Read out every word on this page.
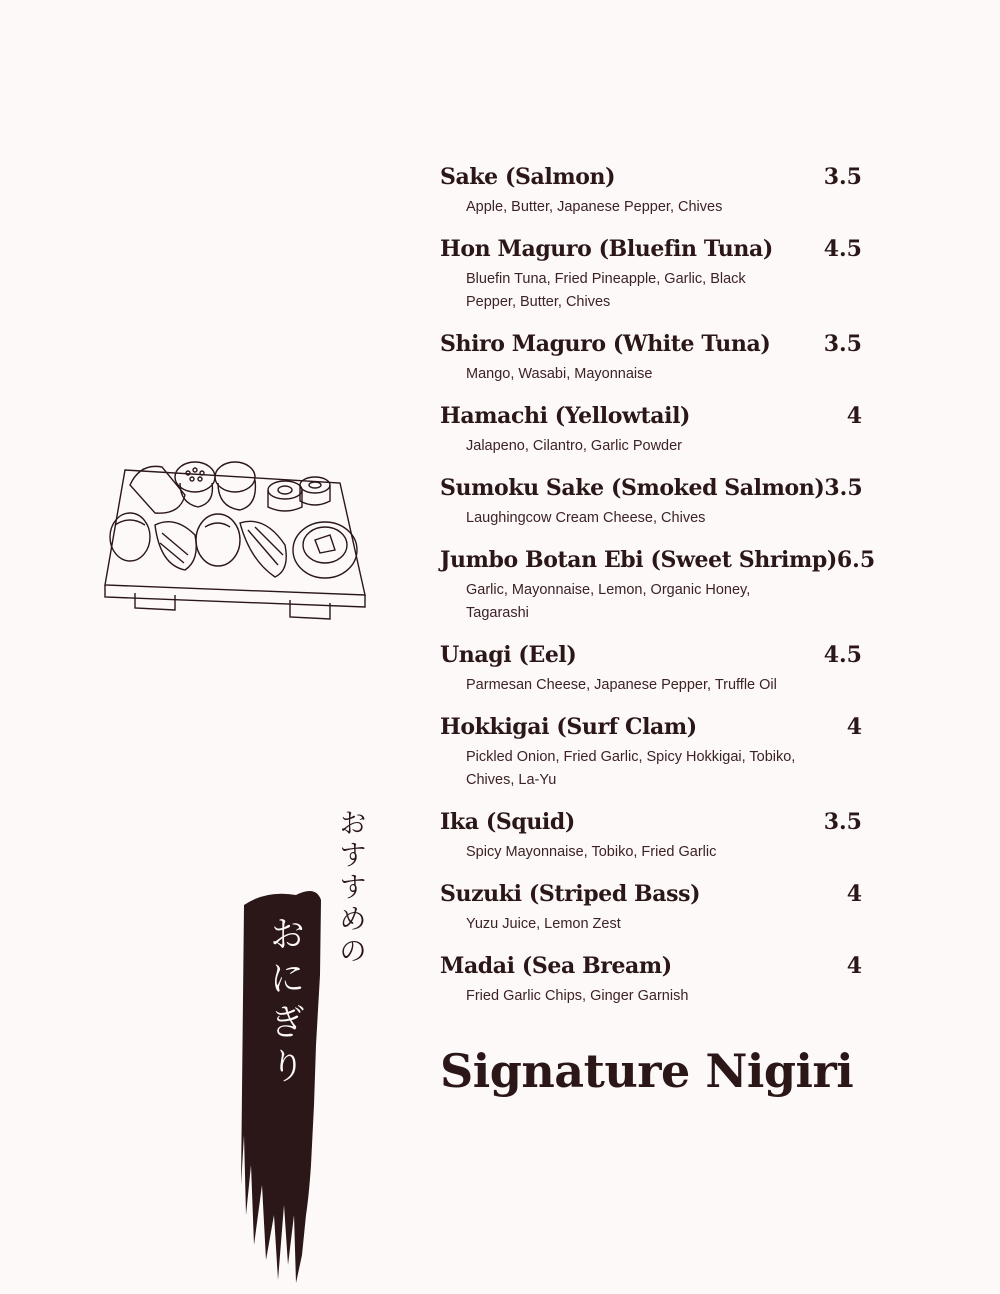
おすすめの
おにぎり
Sake (Salmon)	3.5
Apple, Butter, Japanese Pepper, Chives
Hon Maguro (Bluefin Tuna) 4.5
Bluefin Tuna, Fried Pineapple, Garlic, Black Pepper, Butter, Chives
Shiro Maguro (White Tuna) 3.5
Mango, Wasabi, Mayonnaise
Hamachi (Yellowtail)	4
Jalapeno, Cilantro, Garlic Powder
Sumoku Sake (Smoked Salmon) 3.5
Laughingcow Cream Cheese, Chives
Jumbo Botan Ebi (Sweet Shrimp) 6.5
Garlic, Mayonnaise, Lemon, Organic Honey, Tagarashi
Unagi (Eel)	4.5
Parmesan Cheese, Japanese Pepper, Truffle Oil
Hokkigai (Surf Clam)	4
Pickled Onion, Fried Garlic, Spicy Hokkigai, Tobiko, Chives, La-Yu
Ika (Squid)	3.5
Spicy Mayonnaise, Tobiko, Fried Garlic
Suzuki (Striped Bass)	4
Yuzu Juice, Lemon Zest
Madai (Sea Bream)	4
Fried Garlic Chips, Ginger Garnish
Signature Nigiri
